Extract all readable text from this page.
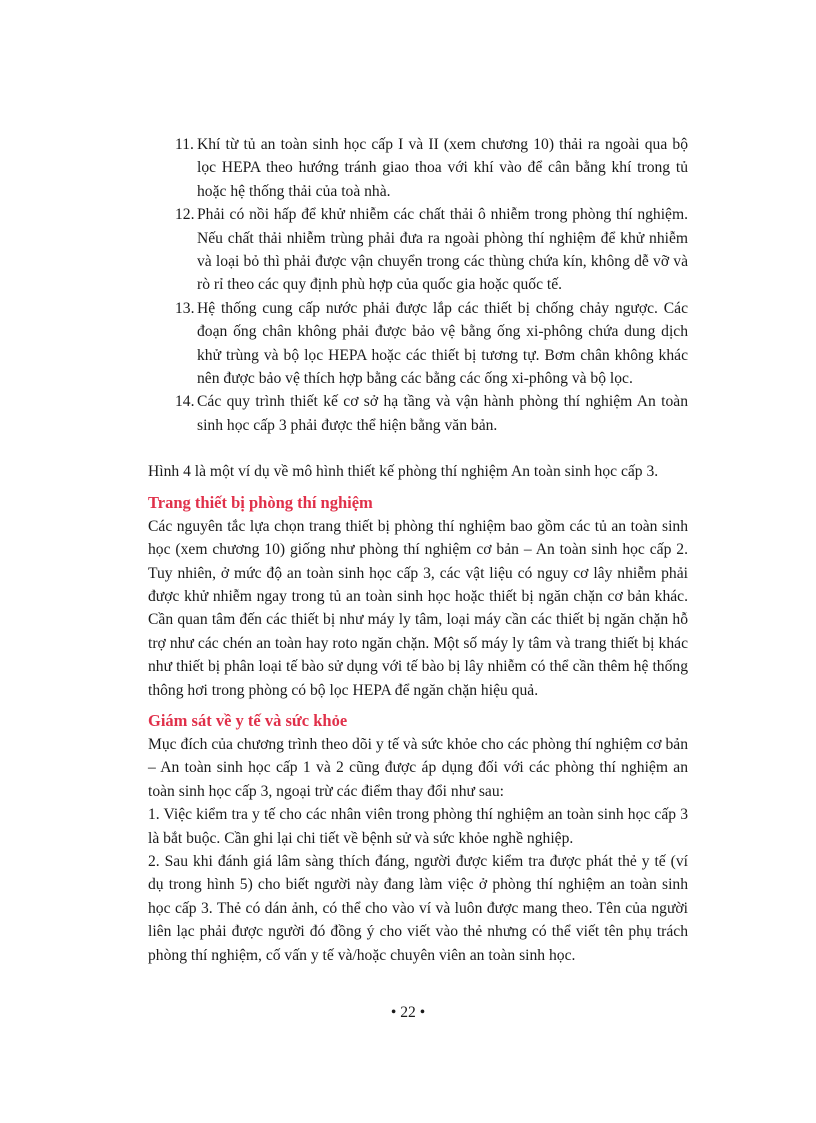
11. Khí từ tủ an toàn sinh học cấp I và II (xem chương 10) thải ra ngoài qua bộ lọc HEPA theo hướng tránh giao thoa với khí vào để cân bằng khí trong tủ hoặc hệ thống thải của toà nhà.
12. Phải có nồi hấp để khử nhiễm các chất thải ô nhiễm trong phòng thí nghiệm. Nếu chất thải nhiễm trùng phải đưa ra ngoài phòng thí nghiệm để khử nhiễm và loại bỏ thì phải được vận chuyển trong các thùng chứa kín, không dễ vỡ và rò rỉ theo các quy định phù hợp của quốc gia hoặc quốc tế.
13. Hệ thống cung cấp nước phải được lắp các thiết bị chống chảy ngược. Các đoạn ống chân không phải được bảo vệ bằng ống xi-phông chứa dung dịch khử trùng và bộ lọc HEPA hoặc các thiết bị tương tự. Bơm chân không khác nên được bảo vệ thích hợp bằng các bằng các ống xi-phông và bộ lọc.
14. Các quy trình thiết kế cơ sở hạ tầng và vận hành phòng thí nghiệm An toàn sinh học cấp 3 phải được thể hiện bằng văn bản.

Hình 4 là một ví dụ về mô hình thiết kế phòng thí nghiệm An toàn sinh học cấp 3.

Trang thiết bị phòng thí nghiệm

Các nguyên tắc lựa chọn trang thiết bị phòng thí nghiệm bao gồm các tủ an toàn sinh học (xem chương 10) giống như phòng thí nghiệm cơ bản – An toàn sinh học cấp 2. Tuy nhiên, ở mức độ an toàn sinh học cấp 3, các vật liệu có nguy cơ lây nhiễm phải được khử nhiễm ngay trong tủ an toàn sinh học hoặc thiết bị ngăn chặn cơ bản khác. Cần quan tâm đến các thiết bị như máy ly tâm, loại máy cần các thiết bị ngăn chặn hỗ trợ như các chén an toàn hay roto ngăn chặn. Một số máy ly tâm và trang thiết bị khác như thiết bị phân loại tế bào sử dụng với tế bào bị lây nhiễm có thể cần thêm hệ thống thông hơi trong phòng có bộ lọc HEPA để ngăn chặn hiệu quả.

Giám sát về y tế và sức khỏe

Mục đích của chương trình theo dõi y tế và sức khỏe cho các phòng thí nghiệm cơ bản – An toàn sinh học cấp 1 và 2 cũng được áp dụng đối với các phòng thí nghiệm an toàn sinh học cấp 3, ngoại trừ các điểm thay đổi như sau:

1. Việc kiểm tra y tế cho các nhân viên trong phòng thí nghiệm an toàn sinh học cấp 3 là bắt buộc. Cần ghi lại chi tiết về bệnh sử và sức khỏe nghề nghiệp.

2. Sau khi đánh giá lâm sàng thích đáng, người được kiểm tra được phát thẻ y tế (ví dụ trong hình 5) cho biết người này đang làm việc ở phòng thí nghiệm an toàn sinh học cấp 3. Thẻ có dán ảnh, có thể cho vào ví và luôn được mang theo. Tên của người liên lạc phải được người đó đồng ý cho viết vào thẻ nhưng có thể viết tên phụ trách phòng thí nghiệm, cố vấn y tế và/hoặc chuyên viên an toàn sinh học.

• 22 •
